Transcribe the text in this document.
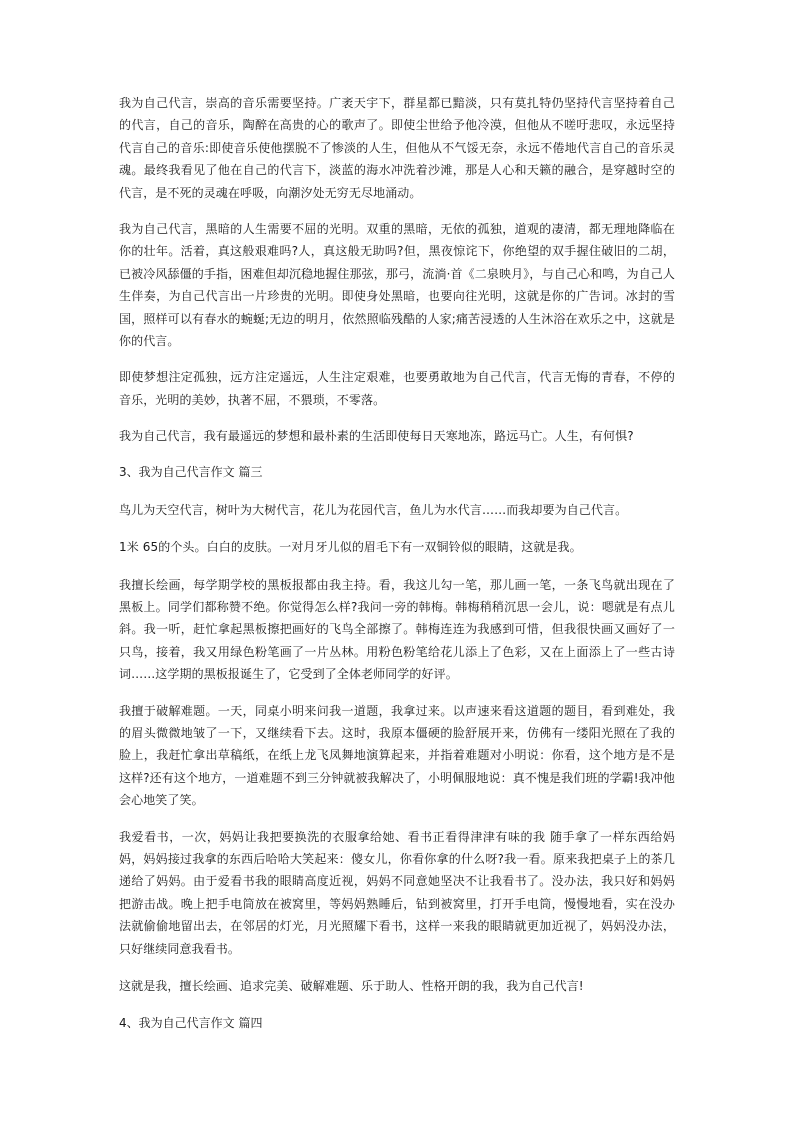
我为自己代言，崇高的音乐需要坚持。广袤天宇下，群星都已黯淡，只有莫扎特仍坚持代言坚持着自己的代言，自己的音乐，陶醉在高贵的心的歌声了。即使尘世给予他冷漠，但他从不嗟吁悲叹，永远坚持代言自己的音乐:即使音乐使他摆脱不了惨淡的人生，但他从不气馁无奈，永远不倦地代言自己的音乐灵魂。最终我看见了他在自己的代言下，淡蓝的海水冲洗着沙滩，那是人心和天籁的融合，是穿越时空的代言，是不死的灵魂在呼吸，向潮汐处无穷无尽地涌动。

我为自己代言，黑暗的人生需要不屈的光明。双重的黑暗，无依的孤独，道观的凄清，都无理地降临在你的壮年。活着，真这般艰难吗?人，真这般无助吗?但，黑夜惊诧下，你绝望的双手握住破旧的二胡，已被冷风舔僵的手指，困难但却沉稳地握住那弦，那弓，流淌·首《二泉映月》，与自己心和鸣，为自己人生伴奏，为自己代言出一片珍贵的光明。即使身处黑暗，也要向往光明，这就是你的广告词。冰封的雪国，照样可以有春水的蜿蜒;无边的明月，依然照临残酷的人家;痛苦浸透的人生沐浴在欢乐之中，这就是你的代言。

即使梦想注定孤独，远方注定遥远，人生注定艰难，也要勇敢地为自己代言，代言无悔的青春，不停的音乐，光明的美妙，执著不屈，不猥琐，不零落。

我为自己代言，我有最遥远的梦想和最朴素的生活即使每日天寒地冻，路远马亡。人生，有何惧?

3、我为自己代言作文 篇三

鸟儿为天空代言，树叶为大树代言，花儿为花园代言，鱼儿为水代言……而我却要为自己代言。

1米 65的个头。白白的皮肤。一对月牙儿似的眉毛下有一双铜铃似的眼睛，这就是我。

我擅长绘画，每学期学校的黑板报都由我主持。看，我这儿勾一笔，那儿画一笔，一条飞鸟就出现在了黑板上。同学们都称赞不绝。你觉得怎么样?我问一旁的韩梅。韩梅稍稍沉思一会儿，说：嗯就是有点儿斜。我一听，赶忙拿起黑板擦把画好的飞鸟全部擦了。韩梅连连为我感到可惜，但我很快画又画好了一只鸟，接着，我又用绿色粉笔画了一片丛林。用粉色粉笔给花儿添上了色彩，又在上面添上了一些古诗词……这学期的黑板报诞生了，它受到了全体老师同学的好评。

我擅于破解难题。一天，同桌小明来问我一道题，我拿过来。以声速来看这道题的题目，看到难处，我的眉头微微地皱了一下，又继续看下去。这时，我原本僵硬的脸舒展开来，仿佛有一缕阳光照在了我的脸上，我赶忙拿出草稿纸，在纸上龙飞凤舞地演算起来，并指着难题对小明说：你看，这个地方是不是这样?还有这个地方，一道难题不到三分钟就被我解决了，小明佩服地说：真不愧是我们班的学霸!我冲他会心地笑了笑。

我爱看书，一次，妈妈让我把要换洗的衣服拿给她、看书正看得津津有味的我 随手拿了一样东西给妈妈，妈妈接过我拿的东西后哈哈大笑起来：傻女儿，你看你拿的什么呀?我一看。原来我把桌子上的茶几递给了妈妈。由于爱看书我的眼睛高度近视，妈妈不同意她坚决不让我看书了。没办法，我只好和妈妈把游击战。晚上把手电筒放在被窝里，等妈妈熟睡后，钻到被窝里，打开手电筒，慢慢地看，实在没办法就偷偷地留出去，在邻居的灯光，月光照耀下看书，这样一来我的眼睛就更加近视了，妈妈没办法，只好继续同意我看书。

这就是我，擅长绘画、追求完美、破解难题、乐于助人、性格开朗的我，我为自己代言!

4、我为自己代言作文 篇四
